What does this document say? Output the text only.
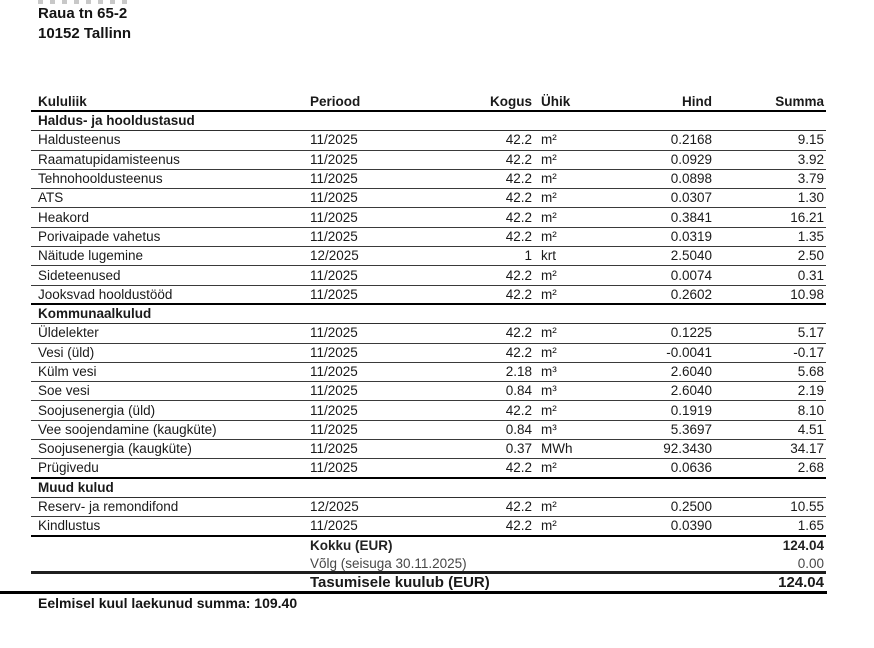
Raua tn 65-2
10152 Tallinn
Kululiik	Periood	Kogus Ühik	Hind	Summa
Haldus- ja hooldustasud
Haldusteenus	11/2025	42.2 m²	0.2168	9.15
Raamatupidamisteenus	11/2025	42.2 m²	0.0929	3.92
Tehnohooldusteenus	11/2025	42.2 m²	0.0898	3.79
ATS	11/2025	42.2 m²	0.0307	1.30
Heakord	11/2025	42.2 m²	0.3841	16.21
Porivaipade vahetus	11/2025	42.2 m²	0.0319	1.35
Näitude lugemine	12/2025	1 krt	2.5040	2.50
Sideteenused	11/2025	42.2 m²	0.0074	0.31
Jooksvad hooldustööd	11/2025	42.2 m²	0.2602	10.98
Kommunaalkulud
Üldelekter	11/2025	42.2 m²	0.1225	5.17
Vesi (üld)	11/2025	42.2 m²	-0.0041	-0.17
Külm vesi	11/2025	2.18 m³	2.6040	5.68
Soe vesi	11/2025	0.84 m³	2.6040	2.19
Soojusenergia (üld)	11/2025	42.2 m²	0.1919	8.10
Vee soojendamine (kaugküte)	11/2025	0.84 m³	5.3697	4.51
Soojusenergia (kaugküte)	11/2025	0.37 MWh	92.3430	34.17
Prügivedu	11/2025	42.2 m²	0.0636	2.68
Muud kulud
Reserv- ja remondifond	12/2025	42.2 m²	0.2500	10.55
Kindlustus	11/2025	42.2 m²	0.0390	1.65
Kokku (EUR)	124.04
Võlg (seisuga 30.11.2025)	0.00
Tasumisele kuulub (EUR)	124.04
Eelmisel kuul laekunud summa: 109.40
